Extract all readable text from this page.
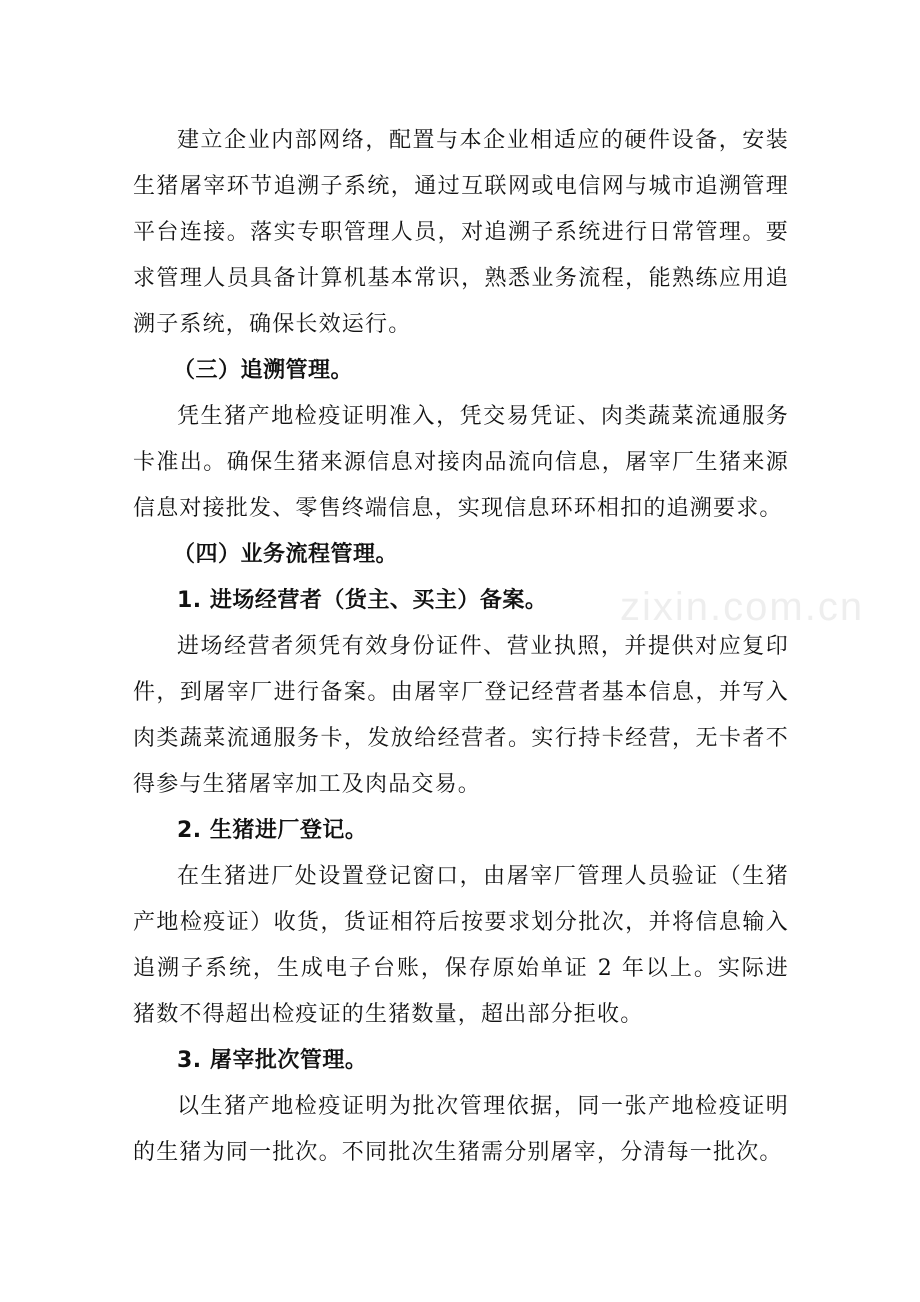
建立企业内部网络，配置与本企业相适应的硬件设备，安装生猪屠宰环节追溯子系统，通过互联网或电信网与城市追溯管理平台连接。落实专职管理人员，对追溯子系统进行日常管理。要求管理人员具备计算机基本常识，熟悉业务流程，能熟练应用追溯子系统，确保长效运行。

（三）追溯管理。

凭生猪产地检疫证明准入，凭交易凭证、肉类蔬菜流通服务卡准出。确保生猪来源信息对接肉品流向信息，屠宰厂生猪来源信息对接批发、零售终端信息，实现信息环环相扣的追溯要求。

（四）业务流程管理。

1. 进场经营者（货主、买主）备案。

进场经营者须凭有效身份证件、营业执照，并提供对应复印件，到屠宰厂进行备案。由屠宰厂登记经营者基本信息，并写入肉类蔬菜流通服务卡，发放给经营者。实行持卡经营，无卡者不得参与生猪屠宰加工及肉品交易。

2. 生猪进厂登记。

在生猪进厂处设置登记窗口，由屠宰厂管理人员验证（生猪产地检疫证）收货，货证相符后按要求划分批次，并将信息输入追溯子系统，生成电子台账，保存原始单证 2 年以上。实际进猪数不得超出检疫证的生猪数量，超出部分拒收。

3. 屠宰批次管理。

以生猪产地检疫证明为批次管理依据，同一张产地检疫证明的生猪为同一批次。不同批次生猪需分别屠宰，分清每一批次。

zixin.com.cn
